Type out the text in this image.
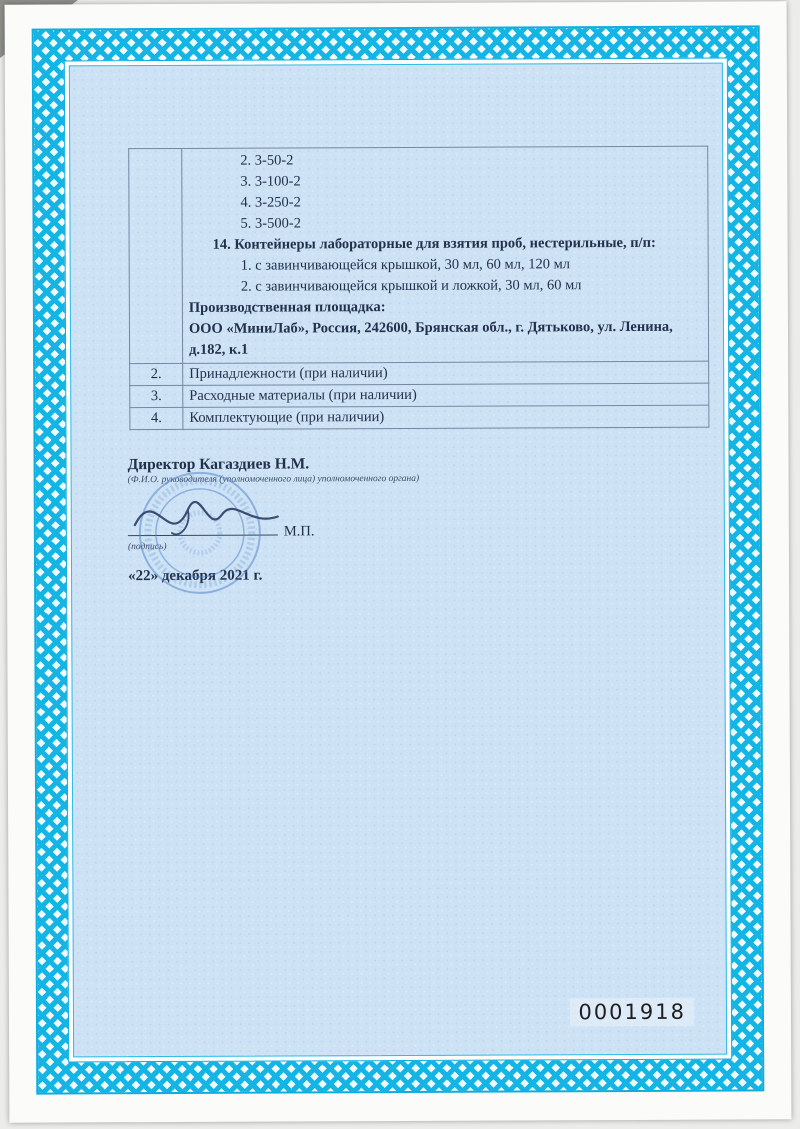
2. 3-50-2
3. 3-100-2
4. 3-250-2
5. 3-500-2
14. Контейнеры лабораторные для взятия проб, нестерильные, п/п:
1. с завинчивающейся крышкой, 30 мл, 60 мл, 120 мл
2. с завинчивающейся крышкой и ложкой, 30 мл, 60 мл
Производственная площадка:
ООО «МиниЛаб», Россия, 242600, Брянская обл., г. Дятьково, ул. Ленина, д.182, к.1

2.	Принадлежности (при наличии)
3.	Расходные материалы (при наличии)
4.	Комплектующие (при наличии)
Директор Кагаздиев Н.М.
(Ф.И.О. руководителя (уполномоченного лица) уполномоченного органа)
М.П.
(подпись)
«22» декабря 2021 г.
0001918
